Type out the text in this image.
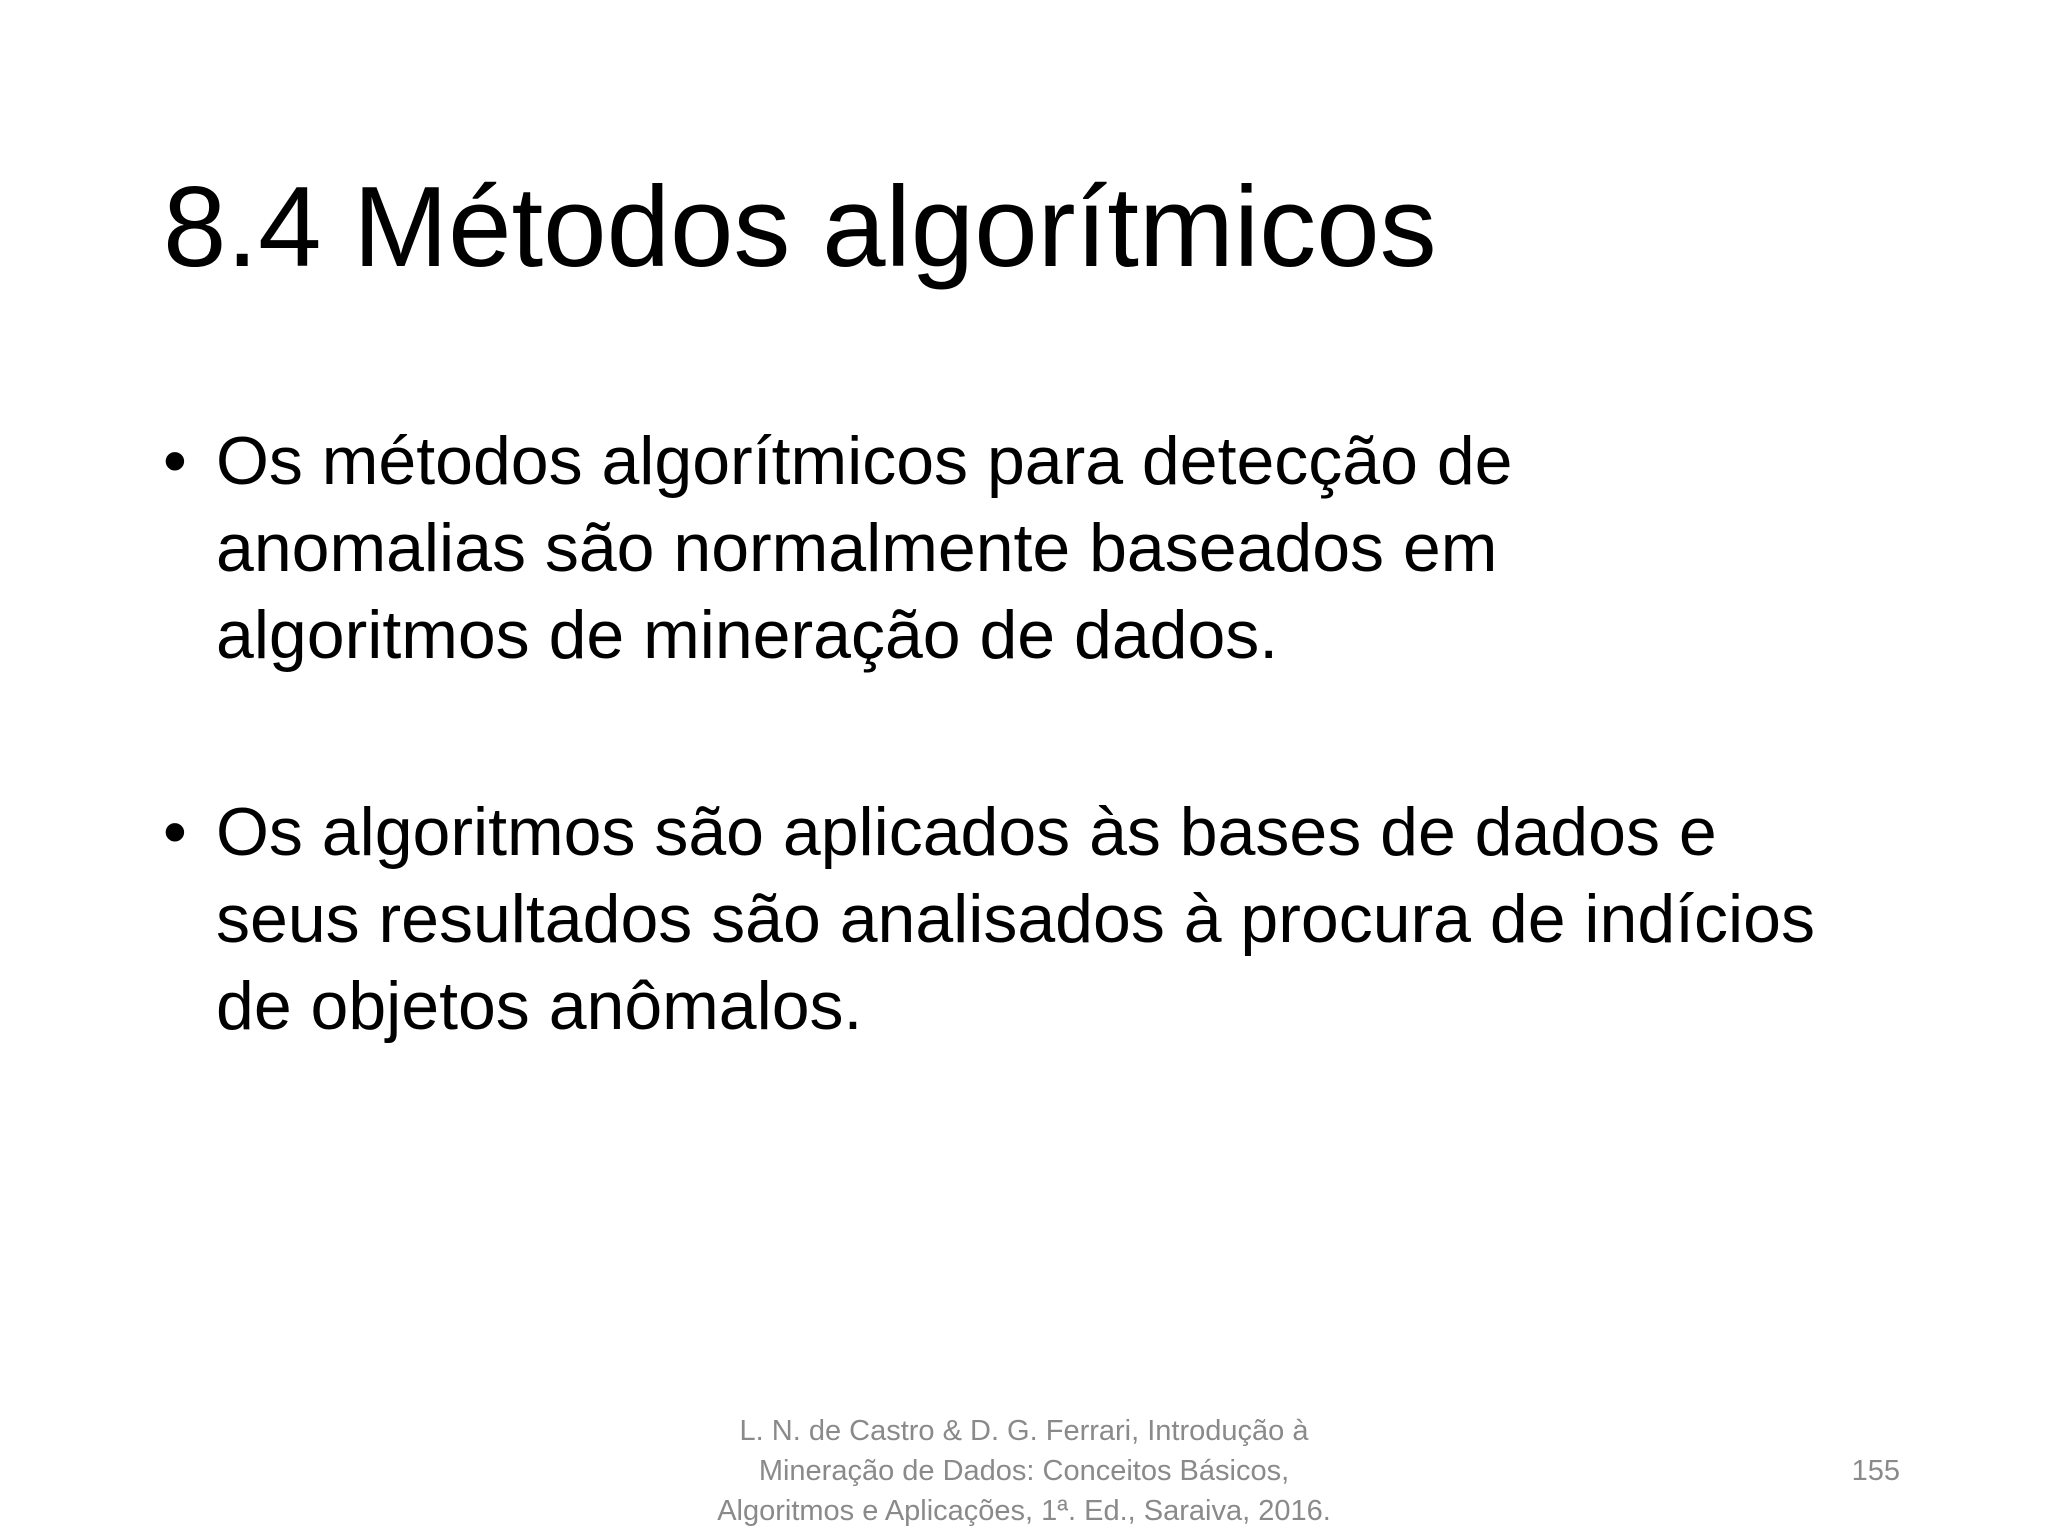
8.4 Métodos algorítmicos
• Os métodos algorítmicos para detecção de
anomalias são normalmente baseados em
algoritmos de mineração de dados.
• Os algoritmos são aplicados às bases de dados e
seus resultados são analisados à procura de indícios
de objetos anômalos.
L. N. de Castro & D. G. Ferrari, Introdução à
Mineração de Dados: Conceitos Básicos,
Algoritmos e Aplicações, 1ª. Ed., Saraiva, 2016.
155
